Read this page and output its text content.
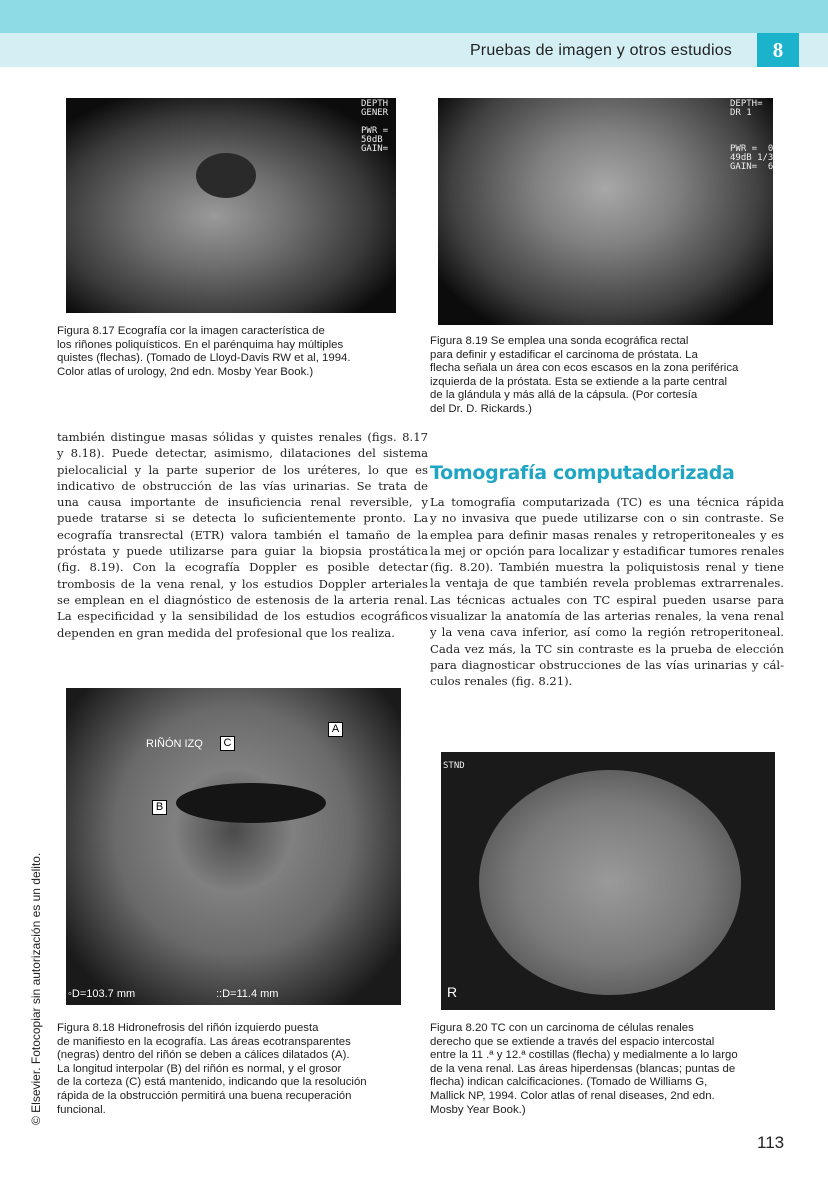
Pruebas de imagen y otros estudios	8
DEPTH
GENER

PWR =
50dB
GAIN=
Figura 8.17 Ecografía cor la imagen característica de
los riñones poliquísticos. En el parénquima hay múltiples
quistes (flechas). (Tomado de Lloyd-Davis RW et al, 1994.
Color atlas of urology, 2nd edn. Mosby Year Book.)
DEPTH=
DR 1

PWR =  0
49dB 1/3
GAIN=  6
Figura 8.19 Se emplea una sonda ecográfica rectal
para definir y estadificar el carcinoma de próstata. La
flecha señala un área con ecos escasos en la zona periférica
izquierda de la próstata. Esta se extiende a la parte central
de la glándula y más allá de la cápsula. (Por cortesía
del Dr. D. Rickards.)
también distingue masas sólidas y quistes renales (figs. 8.17
y 8.18). Puede detectar, asimismo, dilataciones del sistema
pielocalicial y la parte superior de los uréteres, lo que es
indicativo de obstrucción de las vías urinarias. Se trata de
una causa importante de insuficiencia renal reversible, y
puede tratarse si se detecta lo suficientemente pronto. La
ecografía transrectal (ETR) valora también el tamaño de la
próstata y puede utilizarse para guiar la biopsia prostática
(fig. 8.19). Con la ecografía Doppler es posible detectar
trombosis de la vena renal, y los estudios Doppler arteriales
se emplean en el diagnóstico de estenosis de la arteria renal.
La especificidad y la sensibilidad de los estudios ecográficos
dependen en gran medida del profesional que los realiza.
Tomografía computadorizada
La tomografía computarizada (TC) es una técnica rápida
y no invasiva que puede utilizarse con o sin contraste. Se
emplea para definir masas renales y retroperitoneales y es
la mej or opción para localizar y estadificar tumores renales
(fig. 8.20). También muestra la poliquistosis renal y tiene
la ventaja de que también revela problemas extrarrenales.
Las técnicas actuales con TC espiral pueden usarse para
visualizar la anatomía de las arterias renales, la vena renal
y la vena cava inferior, así como la región retroperitoneal.
Cada vez más, la TC sin contraste es la prueba de elección
para diagnosticar obstrucciones de las vías urinarias y cál-
culos renales (fig. 8.21).
RIÑÓN IZQ
A
C
B
◦D=103.7 mm	::D=11.4 mm
Figura 8.18 Hidronefrosis del riñón izquierdo puesta
de manifiesto en la ecografía. Las áreas ecotransparentes
(negras) dentro del riñón se deben a cálices dilatados (A).
La longitud interpolar (B) del riñón es normal, y el grosor
de la corteza (C) está mantenido, indicando que la resolución
rápida de la obstrucción permitirá una buena recuperación
funcional.
STND
R
Figura 8.20 TC con un carcinoma de células renales
derecho que se extiende a través del espacio intercostal
entre la 11 .ª y 12.ª costillas (flecha) y medialmente a lo largo
de la vena renal. Las áreas hiperdensas (blancas; puntas de
flecha) indican calcificaciones. (Tomado de Williams G,
Mallick NP, 1994. Color atlas of renal diseases, 2nd edn.
Mosby Year Book.)
© Elsevier. Fotocopiar sin autorización es un delito.
113
